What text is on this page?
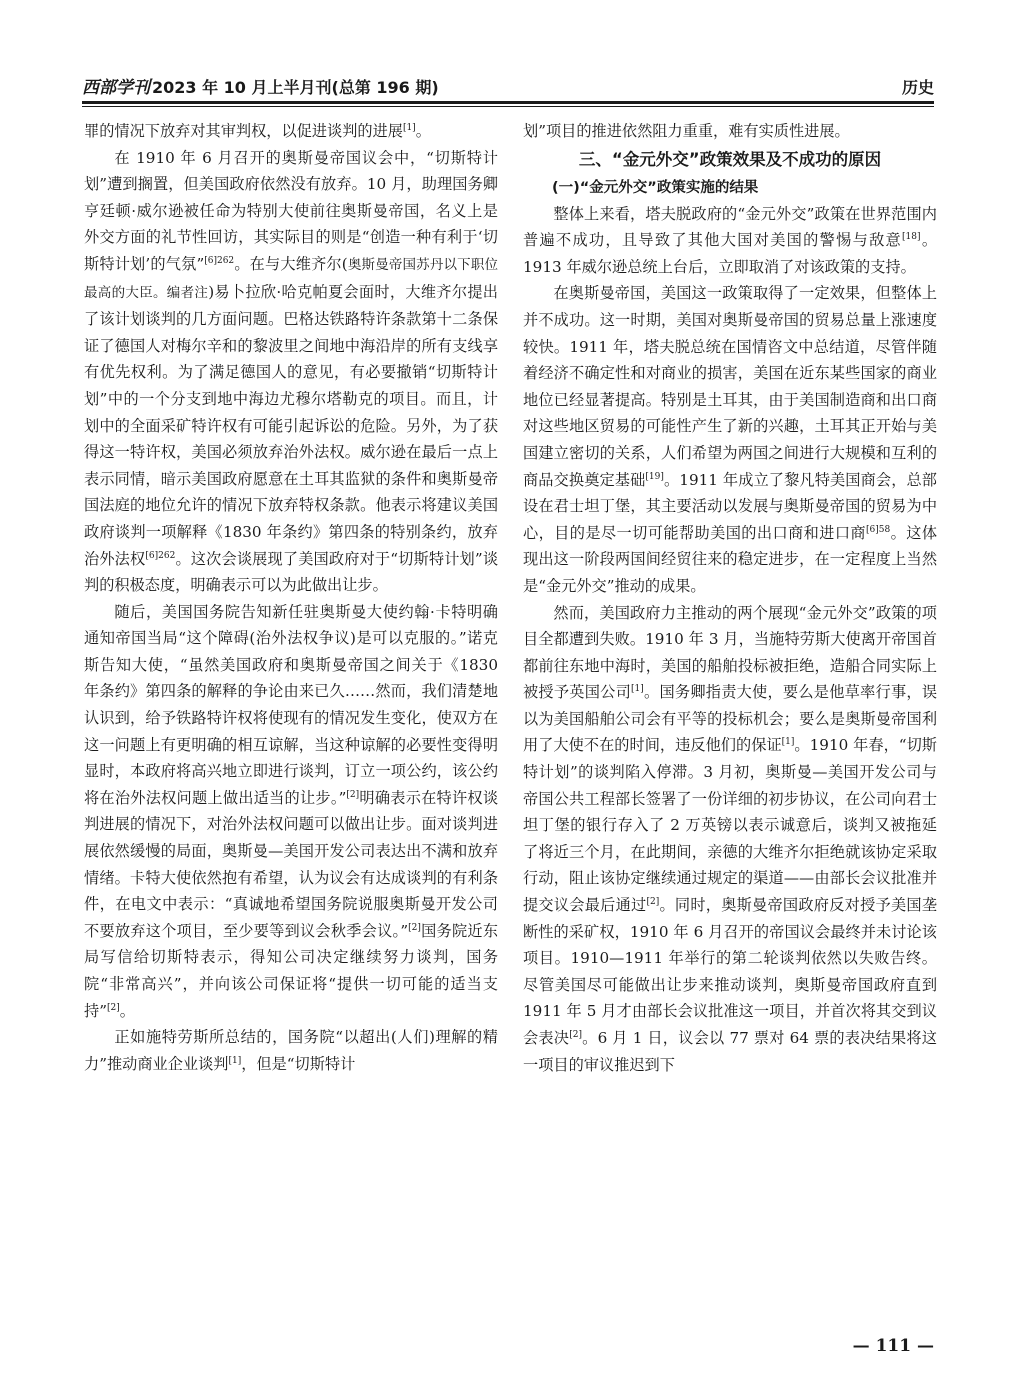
西部学刊 2023 年 10 月上半月刊(总第 196 期)	历史

罪的情况下放弃对其审判权，以促进谈判的进展[1]。

在 1910 年 6 月召开的奥斯曼帝国议会中，“切斯特计划”遭到搁置，但美国政府依然没有放弃。10 月，助理国务卿亨廷顿·威尔逊被任命为特别大使前往奥斯曼帝国，名义上是外交方面的礼节性回访，其实际目的则是“创造一种有利于‘切斯特计划’的气氛”$^{[6]262}$。在与大维齐尔(奥斯曼帝国苏丹以下职位最高的大臣。编者注)易卜拉欣·哈克帕夏会面时，大维齐尔提出了该计划谈判的几方面问题。巴格达铁路特许条款第十二条保证了德国人对梅尔辛和的黎波里之间地中海沿岸的所有支线享有优先权利。为了满足德国人的意见，有必要撤销“切斯特计划”中的一个分支到地中海边尤穆尔塔勒克的项目。而且，计划中的全面采矿特许权有可能引起诉讼的危险。另外，为了获得这一特许权，美国必须放弃治外法权。威尔逊在最后一点上表示同情，暗示美国政府愿意在土耳其监狱的条件和奥斯曼帝国法庭的地位允许的情况下放弃特权条款。他表示将建议美国政府谈判一项解释《1830 年条约》第四条的特别条约，放弃治外法权$^{[6]262}$。这次会谈展现了美国政府对于“切斯特计划”谈判的积极态度，明确表示可以为此做出让步。

随后，美国国务院告知新任驻奥斯曼大使约翰·卡特明确通知帝国当局“这个障碍(治外法权争议)是可以克服的。”诺克斯告知大使，“虽然美国政府和奥斯曼帝国之间关于《1830 年条约》第四条的解释的争论由来已久……然而，我们清楚地认识到，给予铁路特许权将使现有的情况发生变化，使双方在这一问题上有更明确的相互谅解，当这种谅解的必要性变得明显时，本政府将高兴地立即进行谈判，订立一项公约，该公约将在治外法权问题上做出适当的让步。”[2]明确表示在特许权谈判进展的情况下，对治外法权问题可以做出让步。面对谈判进展依然缓慢的局面，奥斯曼—美国开发公司表达出不满和放弃情绪。卡特大使依然抱有希望，认为议会有达成谈判的有利条件，在电文中表示：“真诚地希望国务院说服奥斯曼开发公司不要放弃这个项目，至少要等到议会秋季会议。”[2]国务院近东局写信给切斯特表示，得知公司决定继续努力谈判，国务院“非常高兴”，并向该公司保证将“提供一切可能的适当支持”[2]。

正如施特劳斯所总结的，国务院“以超出(人们)理解的精力”推动商业企业谈判[1]，但是“切斯特计

划”项目的推进依然阻力重重，难有实质性进展。

三、“金元外交”政策效果及不成功的原因
(一)“金元外交”政策实施的结果

整体上来看，塔夫脱政府的“金元外交”政策在世界范围内普遍不成功，且导致了其他大国对美国的警惕与敌意[18]。1913 年威尔逊总统上台后，立即取消了对该政策的支持。

在奥斯曼帝国，美国这一政策取得了一定效果，但整体上并不成功。这一时期，美国对奥斯曼帝国的贸易总量上涨速度较快。1911 年，塔夫脱总统在国情咨文中总结道，尽管伴随着经济不确定性和对商业的损害，美国在近东某些国家的商业地位已经显著提高。特别是土耳其，由于美国制造商和出口商对这些地区贸易的可能性产生了新的兴趣，土耳其正开始与美国建立密切的关系，人们希望为两国之间进行大规模和互利的商品交换奠定基础[19]。1911 年成立了黎凡特美国商会，总部设在君士坦丁堡，其主要活动以发展与奥斯曼帝国的贸易为中心，目的是尽一切可能帮助美国的出口商和进口商$^{[6]58}$。这体现出这一阶段两国间经贸往来的稳定进步，在一定程度上当然是“金元外交”推动的成果。

然而，美国政府力主推动的两个展现“金元外交”政策的项目全都遭到失败。1910 年 3 月，当施特劳斯大使离开帝国首都前往东地中海时，美国的船舶投标被拒绝，造船合同实际上被授予英国公司[1]。国务卿指责大使，要么是他草率行事，误以为美国船舶公司会有平等的投标机会；要么是奥斯曼帝国利用了大使不在的时间，违反他们的保证[1]。1910 年春，“切斯特计划”的谈判陷入停滞。3 月初，奥斯曼—美国开发公司与帝国公共工程部长签署了一份详细的初步协议，在公司向君士坦丁堡的银行存入了 2 万英镑以表示诚意后，谈判又被拖延了将近三个月，在此期间，亲德的大维齐尔拒绝就该协定采取行动，阻止该协定继续通过规定的渠道——由部长会议批准并提交议会最后通过[2]。同时，奥斯曼帝国政府反对授予美国垄断性的采矿权，1910 年 6 月召开的帝国议会最终并未讨论该项目。1910—1911 年举行的第二轮谈判依然以失败告终。尽管美国尽可能做出让步来推动谈判，奥斯曼帝国政府直到 1911 年 5 月才由部长会议批准这一项目，并首次将其交到议会表决[2]。6 月 1 日，议会以 77 票对 64 票的表决结果将这一项目的审议推迟到下

— 111 —
